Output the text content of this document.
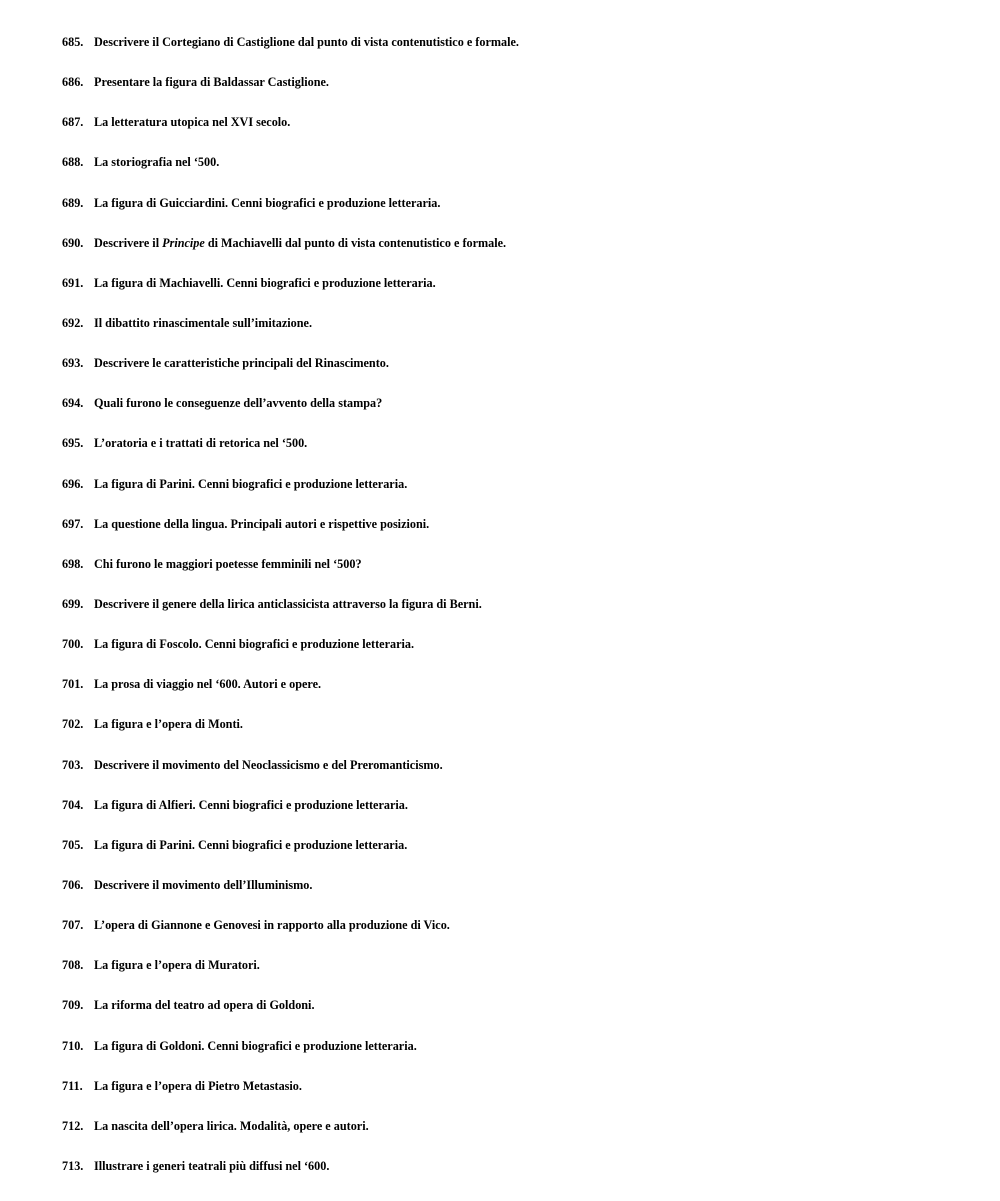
685. Descrivere il Cortegiano di Castiglione dal punto di vista contenutistico e formale.
686. Presentare la figura di Baldassar Castiglione.
687. La letteratura utopica nel XVI secolo.
688. La storiografia nel ‘500.
689. La figura di Guicciardini. Cenni biografici e produzione letteraria.
690. Descrivere il Principe di Machiavelli dal punto di vista contenutistico e formale.
691. La figura di Machiavelli. Cenni biografici e produzione letteraria.
692. Il dibattito rinascimentale sull’imitazione.
693. Descrivere le caratteristiche principali del Rinascimento.
694. Quali furono le conseguenze dell’avvento della stampa?
695. L’oratoria e i trattati di retorica nel ‘500.
696. La figura di Parini. Cenni biografici e produzione letteraria.
697. La questione della lingua. Principali autori e rispettive posizioni.
698. Chi furono le maggiori poetesse femminili nel ‘500?
699. Descrivere il genere della lirica anticlassicista attraverso la figura di Berni.
700. La figura di Foscolo. Cenni biografici e produzione letteraria.
701. La prosa di viaggio nel ‘600. Autori e opere.
702. La figura e l’opera di Monti.
703. Descrivere il movimento del Neoclassicismo e del Preromanticismo.
704. La figura di Alfieri. Cenni biografici e produzione letteraria.
705. La figura di Parini. Cenni biografici e produzione letteraria.
706. Descrivere il movimento dell’Illuminismo.
707. L’opera di Giannone e Genovesi in rapporto alla produzione di Vico.
708. La figura e l’opera di Muratori.
709. La riforma del teatro ad opera di Goldoni.
710. La figura di Goldoni. Cenni biografici e produzione letteraria.
711. La figura e l’opera di Pietro Metastasio.
712. La nascita dell’opera lirica. Modalità, opere e autori.
713. Illustrare i generi teatrali più diffusi nel ‘600.
